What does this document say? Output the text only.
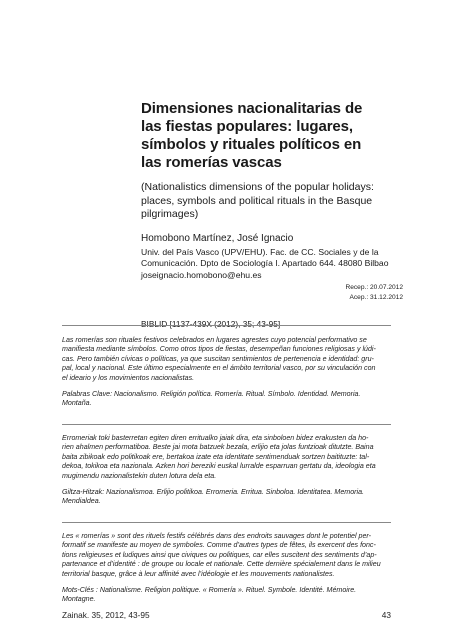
Dimensiones nacionalitarias de
las fiestas populares: lugares,
símbolos y rituales políticos en
las romerías vascas
(Nationalistics dimensions of the popular holidays:
places, symbols and political rituals in the Basque
pilgrimages)
Homobono Martínez, José Ignacio
Univ. del País Vasco (UPV/EHU). Fac. de CC. Sociales y de la
Comunicación. Dpto de Sociología I. Apartado 644. 48080 Bilbao
joseignacio.homobono@ehu.es
Recep.: 20.07.2012
Acep.: 31.12.2012
BIBLID [1137-439X (2012), 35; 43-95]

Las romerías son rituales festivos celebrados en lugares agrestes cuyo potencial performativo se

manifiesta mediante símbolos. Como otros tipos de fiestas, desempeñan funciones religiosas y lúdi-

cas. Pero también cívicas o políticas, ya que suscitan sentimientos de pertenencia e identidad: gru-

pal, local y nacional. Este último especialmente en el ámbito territorial vasco, por su vinculación con

el ideario y los movimientos nacionalistas.

Palabras Clave: Nacionalismo. Religión política. Romería. Ritual. Símbolo. Identidad. Memoria.

Montaña.

Erromeriak toki basterretan egiten diren erritualko jaiak dira, eta sinboloen bidez erakusten da ho-

rien ahalmen performatiboa. Beste jai mota batzuek bezala, erlijio eta jolas funtzioak ditutzte. Baina

baita zibikoak edo politikoak ere, bertakoa izate eta identitate sentimenduak sortzen baitituzte: tal-

dekoa, tokikoa eta nazionala. Azken hori bereziki euskal lurralde esparruan gertatu da, ideologia eta

mugimendu nazionalistekin duten lotura dela eta.

Giltza-Hitzak: Nazionalismoa. Erlijio politikoa. Erromeria. Erritua. Sinboloa. Identitatea. Memoria.

Mendialdea.

Les « romerías » sont des rituels festifs célébrés dans des endroits sauvages dont le potentiel per-

formatif se manifeste au moyen de symboles. Comme d’autres types de fêtes, ils exercent des fonc-

tions religieuses et ludiques ainsi que civiques ou politiques, car elles suscitent des sentiments d’ap-

partenance et d’identité : de groupe ou locale et nationale. Cette dernière spécialement dans le milieu

territorial basque, grâce à leur affinité avec l’idéologie et les mouvements nationalistes.

Mots-Clés : Nationalisme. Religion politique. « Romería ». Rituel. Symbole. Identité. Mémoire.

Montagne.

Zainak. 35, 2012, 43-95	43
